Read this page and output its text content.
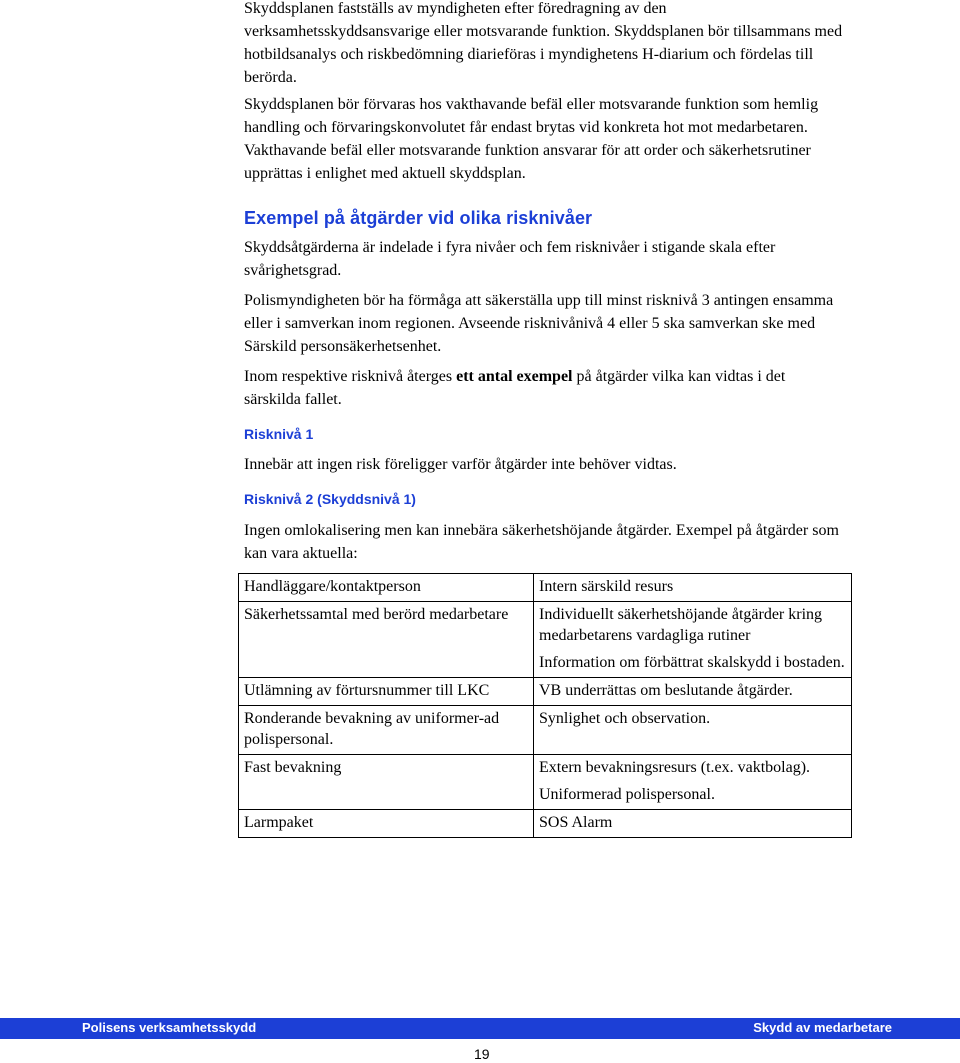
Skyddsplanen fastställs av myndigheten efter föredragning av den verksamhetsskyddsansvarige eller motsvarande funktion. Skyddsplanen bör tillsammans med hotbildsanalys och riskbedömning diarieföras i myndighetens H-diarium och fördelas till berörda.

Skyddsplanen bör förvaras hos vakthavande befäl eller motsvarande funktion som hemlig handling och förvaringskonvolutet får endast brytas vid konkreta hot mot medarbetaren. Vakthavande befäl eller motsvarande funktion ansvarar för att order och säkerhetsrutiner upprättas i enlighet med aktuell skyddsplan.

Exempel på åtgärder vid olika risknivåer

Skyddsåtgärderna är indelade i fyra nivåer och fem risknivåer i stigande skala efter svårighetsgrad.

Polismyndigheten bör ha förmåga att säkerställa upp till minst risknivå 3 antingen ensamma eller i samverkan inom regionen. Avseende risknivånivå 4 eller 5 ska samverkan ske med Särskild personsäkerhetsenhet.

Inom respektive risknivå återges ett antal exempel på åtgärder vilka kan vidtas i det särskilda fallet.

Risknivå 1

Innebär att ingen risk föreligger varför åtgärder inte behöver vidtas.

Risknivå 2 (Skyddsnivå 1)

Ingen omlokalisering men kan innebära säkerhetshöjande åtgärder. Exempel på åtgärder som kan vara aktuella:

Handläggare/kontaktperson	Intern särskild resurs

Säkerhetssamtal med berörd medarbetare	Individuellt säkerhetshöjande åtgärder kring medarbetarens vardagliga rutiner

Information om förbättrat skalskydd i bostaden.

Utlämning av förtursnummer till LKC	VB underrättas om beslutande åtgärder.

Ronderande bevakning av uniformer-ad polispersonal.	Synlighet och observation.

Fast bevakning	Extern bevakningsresurs (t.ex. vaktbolag).

Uniformerad polispersonal.

Larmpaket	SOS Alarm

Polisens verksamhetsskydd	Skydd av medarbetare
19
